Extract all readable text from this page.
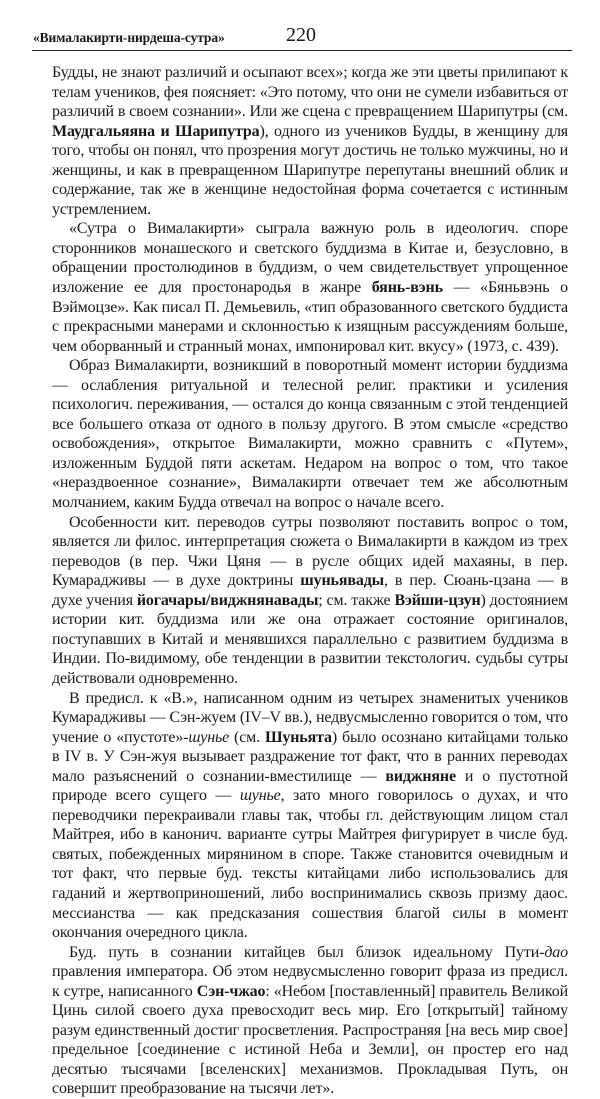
«Вималакирти-нирдеша-сутра»	220

Будды, не знают различий и осыпают всех»; когда же эти цветы прилипают к телам учеников, фея поясняет: «Это потому, что они не сумели избавиться от различий в своем сознании». Или же сцена с превращением Шарипутры (см. Маудгальяяна и Шарипутра), одного из учеников Будды, в женщину для того, чтобы он понял, что прозрения могут достичь не только мужчины, но и женщины, и как в превращенном Шарипутре перепутаны внешний облик и содержание, так же в женщине недостойная форма сочетается с истинным устремлением.

«Сутра о Вималакирти» сыграла важную роль в идеологич. споре сторонников монашеского и светского буддизма в Китае и, безусловно, в обращении простолюдинов в буддизм, о чем свидетельствует упрощенное изложение ее для простонародья в жанре бянь-вэнь — «Бяньвэнь о Вэймоцзе». Как писал П. Демьевиль, «тип образованного светского буддиста с прекрасными манерами и склонностью к изящным рассуждениям больше, чем оборванный и странный монах, импонировал кит. вкусу» (1973, с. 439).

Образ Вималакирти, возникший в поворотный момент истории буддизма — ослабления ритуальной и телесной религ. практики и усиления психологич. переживания, — остался до конца связанным с этой тенденцией все большего отказа от одного в пользу другого. В этом смысле «средство освобождения», открытое Вималакирти, можно сравнить с «Путем», изложенным Буддой пяти аскетам. Недаром на вопрос о том, что такое «нераздвоенное сознание», Вималакирти отвечает тем же абсолютным молчанием, каким Будда отвечал на вопрос о начале всего.

Особенности кит. переводов сутры позволяют поставить вопрос о том, является ли филос. интерпретация сюжета о Вималакирти в каждом из трех переводов (в пер. Чжи Цяня — в русле общих идей махаяны, в пер. Кумарадживы — в духе доктрины шуньявады, в пер. Сюань-цзана — в духе учения йогачары/виджнянавады; см. также Вэйши-цзун) достоянием истории кит. буддизма или же она отражает состояние оригиналов, поступавших в Китай и менявшихся параллельно с развитием буддизма в Индии. По-видимому, обе тенденции в развитии текстологич. судьбы сутры действовали одновременно.

В предисл. к «В.», написанном одним из четырех знаменитых учеников Кумарадживы — Сэн-жуем (IV–V вв.), недвусмысленно говорится о том, что учение о «пустоте»-шунье (см. Шуньята) было осознано китайцами только в IV в. У Сэн-жуя вызывает раздражение тот факт, что в ранних переводах мало разъяснений о сознании-вместилище — виджняне и о пустотной природе всего сущего — шунье, зато много говорилось о духах, и что переводчики перекраивали главы так, чтобы гл. действующим лицом стал Майтрея, ибо в канонич. варианте сутры Майтрея фигурирует в числе буд. святых, побежденных мирянином в споре. Также становится очевидным и тот факт, что первые буд. тексты китайцами либо использовались для гаданий и жертвоприношений, либо воспринимались сквозь призму даос. мессианства — как предсказания сошествия благой силы в момент окончания очередного цикла.

Буд. путь в сознании китайцев был близок идеальному Пути-дао правления императора. Об этом недвусмысленно говорит фраза из предисл. к сутре, написанного Сэн-чжао: «Небом [поставленный] правитель Великой Цинь силой своего духа превосходит весь мир. Его [открытый] тайному разум единственный достиг просветления. Распространяя [на весь мир свое] предельное [соединение с истиной Неба и Земли], он простер его над десятью тысячами [вселенских] механизмов. Прокладывая Путь, он совершит преобразование на тысячи лет».
